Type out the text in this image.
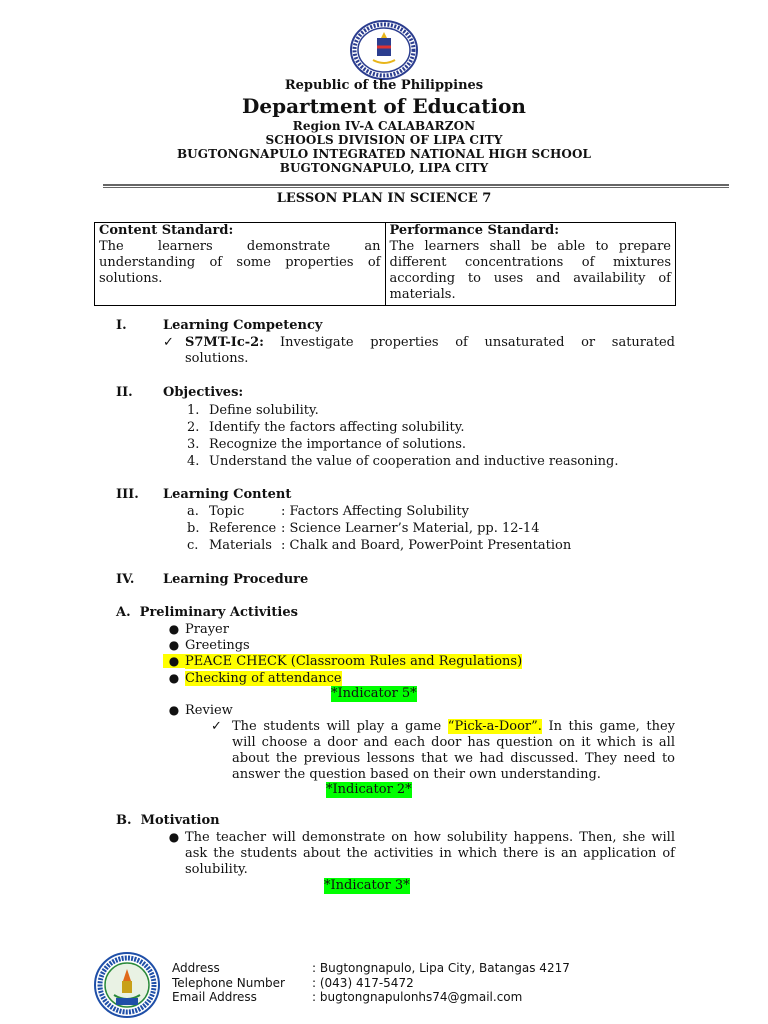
Republic of the Philippines
Department of Education
Region IV-A CALABARZON
SCHOOLS DIVISION OF LIPA CITY
BUGTONGNAPULO INTEGRATED NATIONAL HIGH SCHOOL
BUGTONGNAPULO, LIPA CITY
LESSON PLAN IN SCIENCE 7
Content Standard:
The learners demonstrate an understanding of some properties of solutions.

Performance Standard:
The learners shall be able to prepare different concentrations of mixtures according to uses and availability of materials.
I.	Learning Competency
✓ S7MT-Ic-2:	Investigate properties of unsaturated or saturated solutions.
II. Objectives:
1. Define solubility.
2. Identify the factors affecting solubility.
3. Recognize the importance of solutions.
4. Understand the value of cooperation and inductive reasoning.
III. Learning Content
a. Topic	: Factors Affecting Solubility
b. Reference : Science Learner’s Material, pp. 12-14
c. Materials : Chalk and Board, PowerPoint Presentation
IV. Learning Procedure
A.  Preliminary Activities
● Prayer
● Greetings
● PEACE CHECK (Classroom Rules and Regulations)
● Checking of attendance
*Indicator 5*
● Review
✓ The students will play a game “Pick-a-Door”. In this game, they will choose a door and each door has question on it which is all about the previous lessons that we had discussed. They need to answer the question based on their own understanding.
*Indicator 2*
B.  Motivation
● The teacher will demonstrate on how solubility happens. Then, she will ask the students about the activities in which there is an application of solubility.
*Indicator 3*
Address	: Bugtongnapulo, Lipa City, Batangas 4217
Telephone Number : (043) 417-5472
Email Address	: bugtongnapulonhs74@gmail.com
